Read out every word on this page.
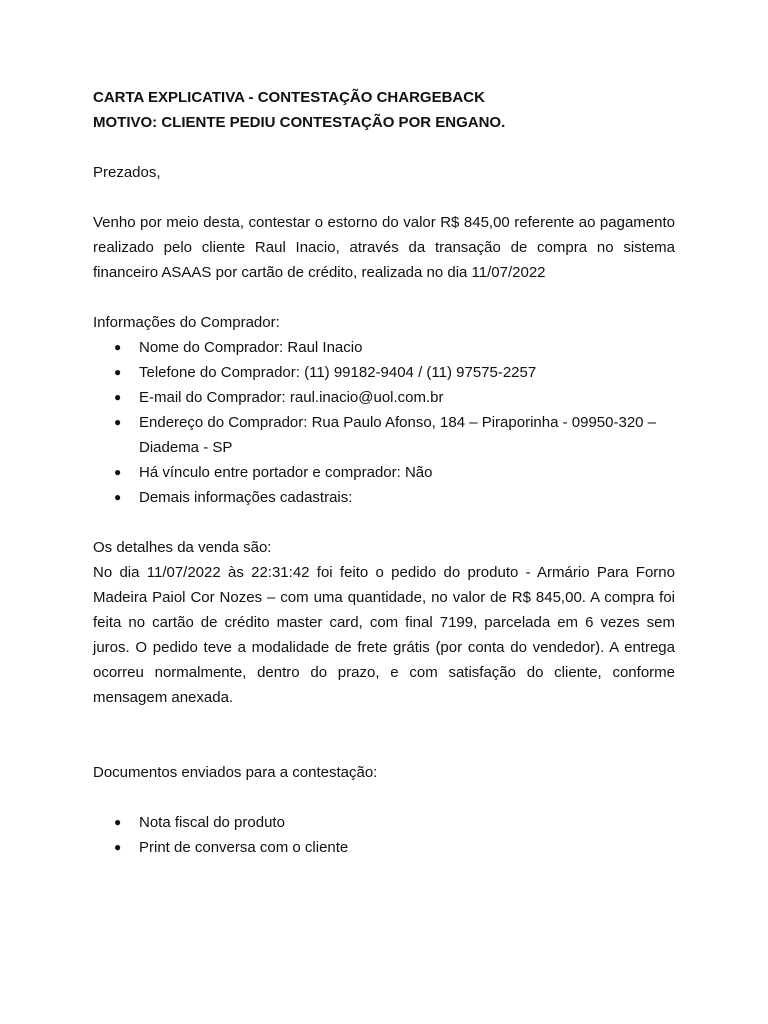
CARTA EXPLICATIVA - CONTESTAÇÃO CHARGEBACK
MOTIVO: CLIENTE PEDIU CONTESTAÇÃO POR ENGANO.

Prezados,

Venho por meio desta, contestar o estorno do valor R$ 845,00 referente ao pagamento realizado pelo cliente Raul Inacio, através da transação de compra no sistema financeiro ASAAS por cartão de crédito, realizada no dia 11/07/2022

Informações do Comprador:

● Nome do Comprador: Raul Inacio
● Telefone do Comprador: (11) 99182-9404 / (11) 97575-2257
● E-mail do Comprador: raul.inacio@uol.com.br
● Endereço do Comprador: Rua Paulo Afonso, 184 – Piraporinha - 09950-320 – Diadema - SP
● Há vínculo entre portador e comprador: Não
● Demais informações cadastrais:

Os detalhes da venda são:

No dia 11/07/2022 às 22:31:42 foi feito o pedido do produto - Armário Para Forno Madeira Paiol Cor Nozes – com uma quantidade, no valor de R$ 845,00. A compra foi feita no cartão de crédito master card, com final 7199, parcelada em 6 vezes sem juros. O pedido teve a modalidade de frete grátis (por conta do vendedor). A entrega ocorreu normalmente, dentro do prazo, e com satisfação do cliente, conforme mensagem anexada.

Documentos enviados para a contestação:

● Nota fiscal do produto
● Print de conversa com o cliente
